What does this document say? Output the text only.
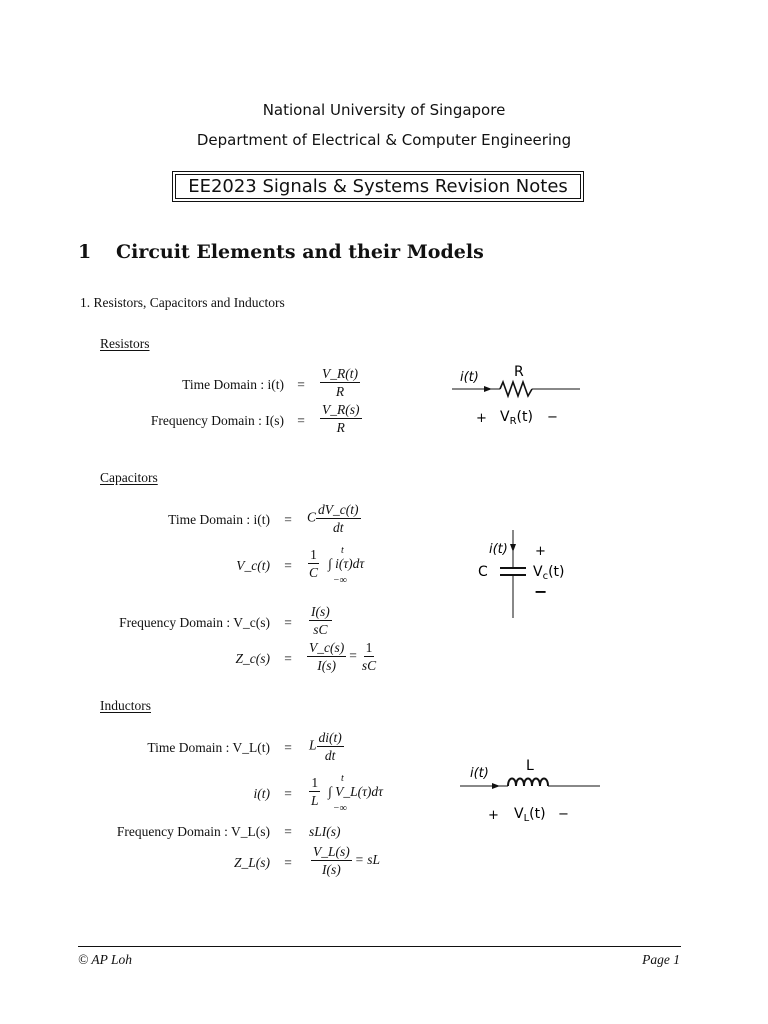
National University of Singapore
Department of Electrical & Computer Engineering
EE2023 Signals & Systems Revision Notes
1 Circuit Elements and their Models
1. Resistors, Capacitors and Inductors
Resistors
Time Domain : i(t) =	$\frac{V\_R(t)}{R}$
Frequency Domain : I(s) =	$\frac{V\_R(s)}{R}$
i(t)	R
+ $V_R(t)$ −
Capacitors
Time Domain : i(t)	=	C $\frac{dV\_c(t)}{dt}$
V_c(t)	=	$\frac{1}{C}$ t
−∞
∫ i(τ)dτ
Frequency Domain : V_c(s)	=	$\frac{I(s)}{sC}$
Z_c(s)	=	$\frac{V\_c(s)}{I(s)} = \frac{1}{sC}$
i(t)
C
+
$V_c(t)$
−
Inductors
Time Domain : V_L(t)	=	L $\frac{di(t)}{dt}$
i(t)	=	$\frac{1}{L}$ t
−∞
∫ V_L(τ)dτ
Frequency Domain : V_L(s)	=	sLI(s)
Z_L(s)	=	$\frac{V\_L(s)}{I(s)}$ = sL
i(t)	L
+ $V_L(t)$ −
© AP Loh	Page 1
